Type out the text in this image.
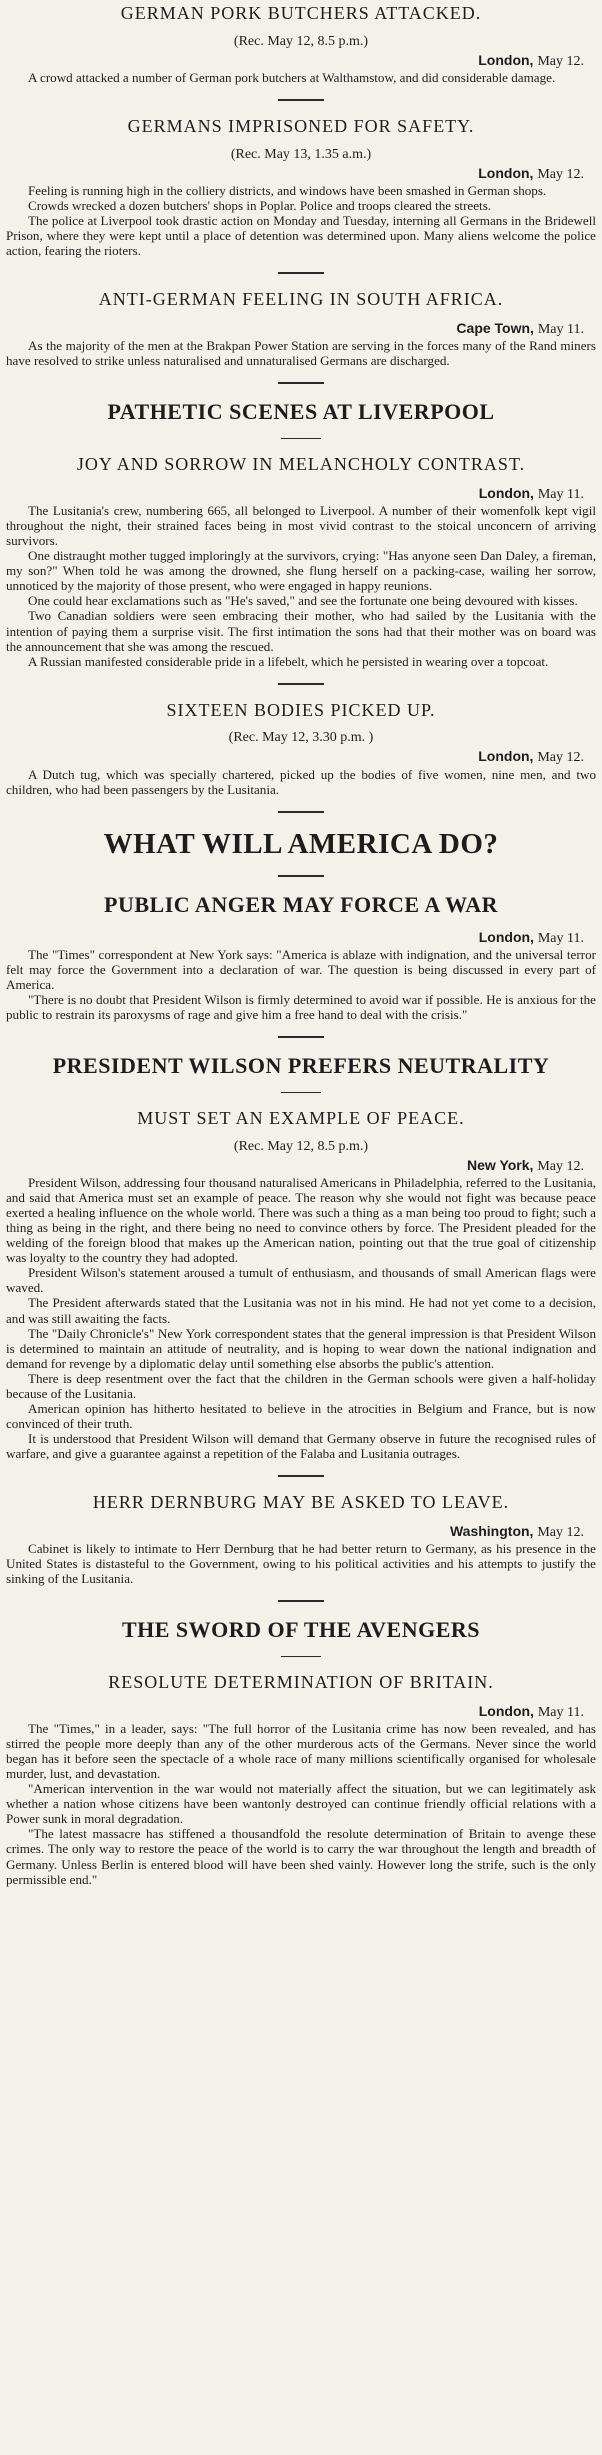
GERMAN PORK BUTCHERS ATTACKED.
(Rec. May 12, 8.5 p.m.)
London, May 12.

A crowd attacked a number of German pork butchers at Walthamstow, and did considerable damage.

GERMANS IMPRISONED FOR SAFETY.
(Rec. May 13, 1.35 a.m.)
London, May 12.

Feeling is running high in the colliery districts, and windows have been smashed in German shops.

Crowds wrecked a dozen butchers' shops in Poplar. Police and troops cleared the streets.

The police at Liverpool took drastic action on Monday and Tuesday, interning all Germans in the Bridewell Prison, where they were kept until a place of detention was determined upon. Many aliens welcome the police action, fearing the rioters.

ANTI-GERMAN FEELING IN SOUTH AFRICA.
Cape Town, May 11.

As the majority of the men at the Brakpan Power Station are serving in the forces many of the Rand miners have resolved to strike unless naturalised and unnaturalised Germans are discharged.

PATHETIC SCENES AT LIVERPOOL
JOY AND SORROW IN MELANCHOLY CONTRAST.
London, May 11.

The Lusitania's crew, numbering 665, all belonged to Liverpool. A number of their womenfolk kept vigil throughout the night, their strained faces being in most vivid contrast to the stoical unconcern of arriving survivors.

One distraught mother tugged imploringly at the survivors, crying: "Has anyone seen Dan Daley, a fireman, my son?" When told he was among the drowned, she flung herself on a packing-case, wailing her sorrow, unnoticed by the majority of those present, who were engaged in happy reunions.

One could hear exclamations such as "He's saved," and see the fortunate one being devoured with kisses.

Two Canadian soldiers were seen embracing their mother, who had sailed by the Lusitania with the intention of paying them a surprise visit. The first intimation the sons had that their mother was on board was the announcement that she was among the rescued.

A Russian manifested considerable pride in a lifebelt, which he persisted in wearing over a topcoat.

SIXTEEN BODIES PICKED UP.
(Rec. May 12, 3.30 p.m. )
London, May 12.

A Dutch tug, which was specially chartered, picked up the bodies of five women, nine men, and two children, who had been passengers by the Lusitania.

WHAT WILL AMERICA DO?
PUBLIC ANGER MAY FORCE A WAR
London, May 11.

The "Times" correspondent at New York says: "America is ablaze with indignation, and the universal terror felt may force the Government into a declaration of war. The question is being discussed in every part of America.

"There is no doubt that President Wilson is firmly determined to avoid war if possible. He is anxious for the public to restrain its paroxysms of rage and give him a free hand to deal with the crisis."

PRESIDENT WILSON PREFERS NEUTRALITY
MUST SET AN EXAMPLE OF PEACE.
(Rec. May 12, 8.5 p.m.)
New York, May 12.

President Wilson, addressing four thousand naturalised Americans in Philadelphia, referred to the Lusitania, and said that America must set an example of peace. The reason why she would not fight was because peace exerted a healing influence on the whole world. There was such a thing as a man being too proud to fight; such a thing as being in the right, and there being no need to convince others by force. The President pleaded for the welding of the foreign blood that makes up the American nation, pointing out that the true goal of citizenship was loyalty to the country they had adopted.

President Wilson's statement aroused a tumult of enthusiasm, and thousands of small American flags were waved.

The President afterwards stated that the Lusitania was not in his mind. He had not yet come to a decision, and was still awaiting the facts.

The "Daily Chronicle's" New York correspondent states that the general impression is that President Wilson is determined to maintain an attitude of neutrality, and is hoping to wear down the national indignation and demand for revenge by a diplomatic delay until something else absorbs the public's attention.

There is deep resentment over the fact that the children in the German schools were given a half-holiday because of the Lusitania.

American opinion has hitherto hesitated to believe in the atrocities in Belgium and France, but is now convinced of their truth.

It is understood that President Wilson will demand that Germany observe in future the recognised rules of warfare, and give a guarantee against a repetition of the Falaba and Lusitania outrages.

HERR DERNBURG MAY BE ASKED TO LEAVE.
Washington, May 12.

Cabinet is likely to intimate to Herr Dernburg that he had better return to Germany, as his presence in the United States is distasteful to the Government, owing to his political activities and his attempts to justify the sinking of the Lusitania.

THE SWORD OF THE AVENGERS
RESOLUTE DETERMINATION OF BRITAIN.
London, May 11.

The "Times," in a leader, says: "The full horror of the Lusitania crime has now been revealed, and has stirred the people more deeply than any of the other murderous acts of the Germans. Never since the world began has it before seen the spectacle of a whole race of many millions scientifically organised for wholesale murder, lust, and devastation.

"American intervention in the war would not materially affect the situation, but we can legitimately ask whether a nation whose citizens have been wantonly destroyed can continue friendly official relations with a Power sunk in moral degradation.

"The latest massacre has stiffened a thousandfold the resolute determination of Britain to avenge these crimes. The only way to restore the peace of the world is to carry the war throughout the length and breadth of Germany. Unless Berlin is entered blood will have been shed vainly. However long the strife, such is the only permissible end."
